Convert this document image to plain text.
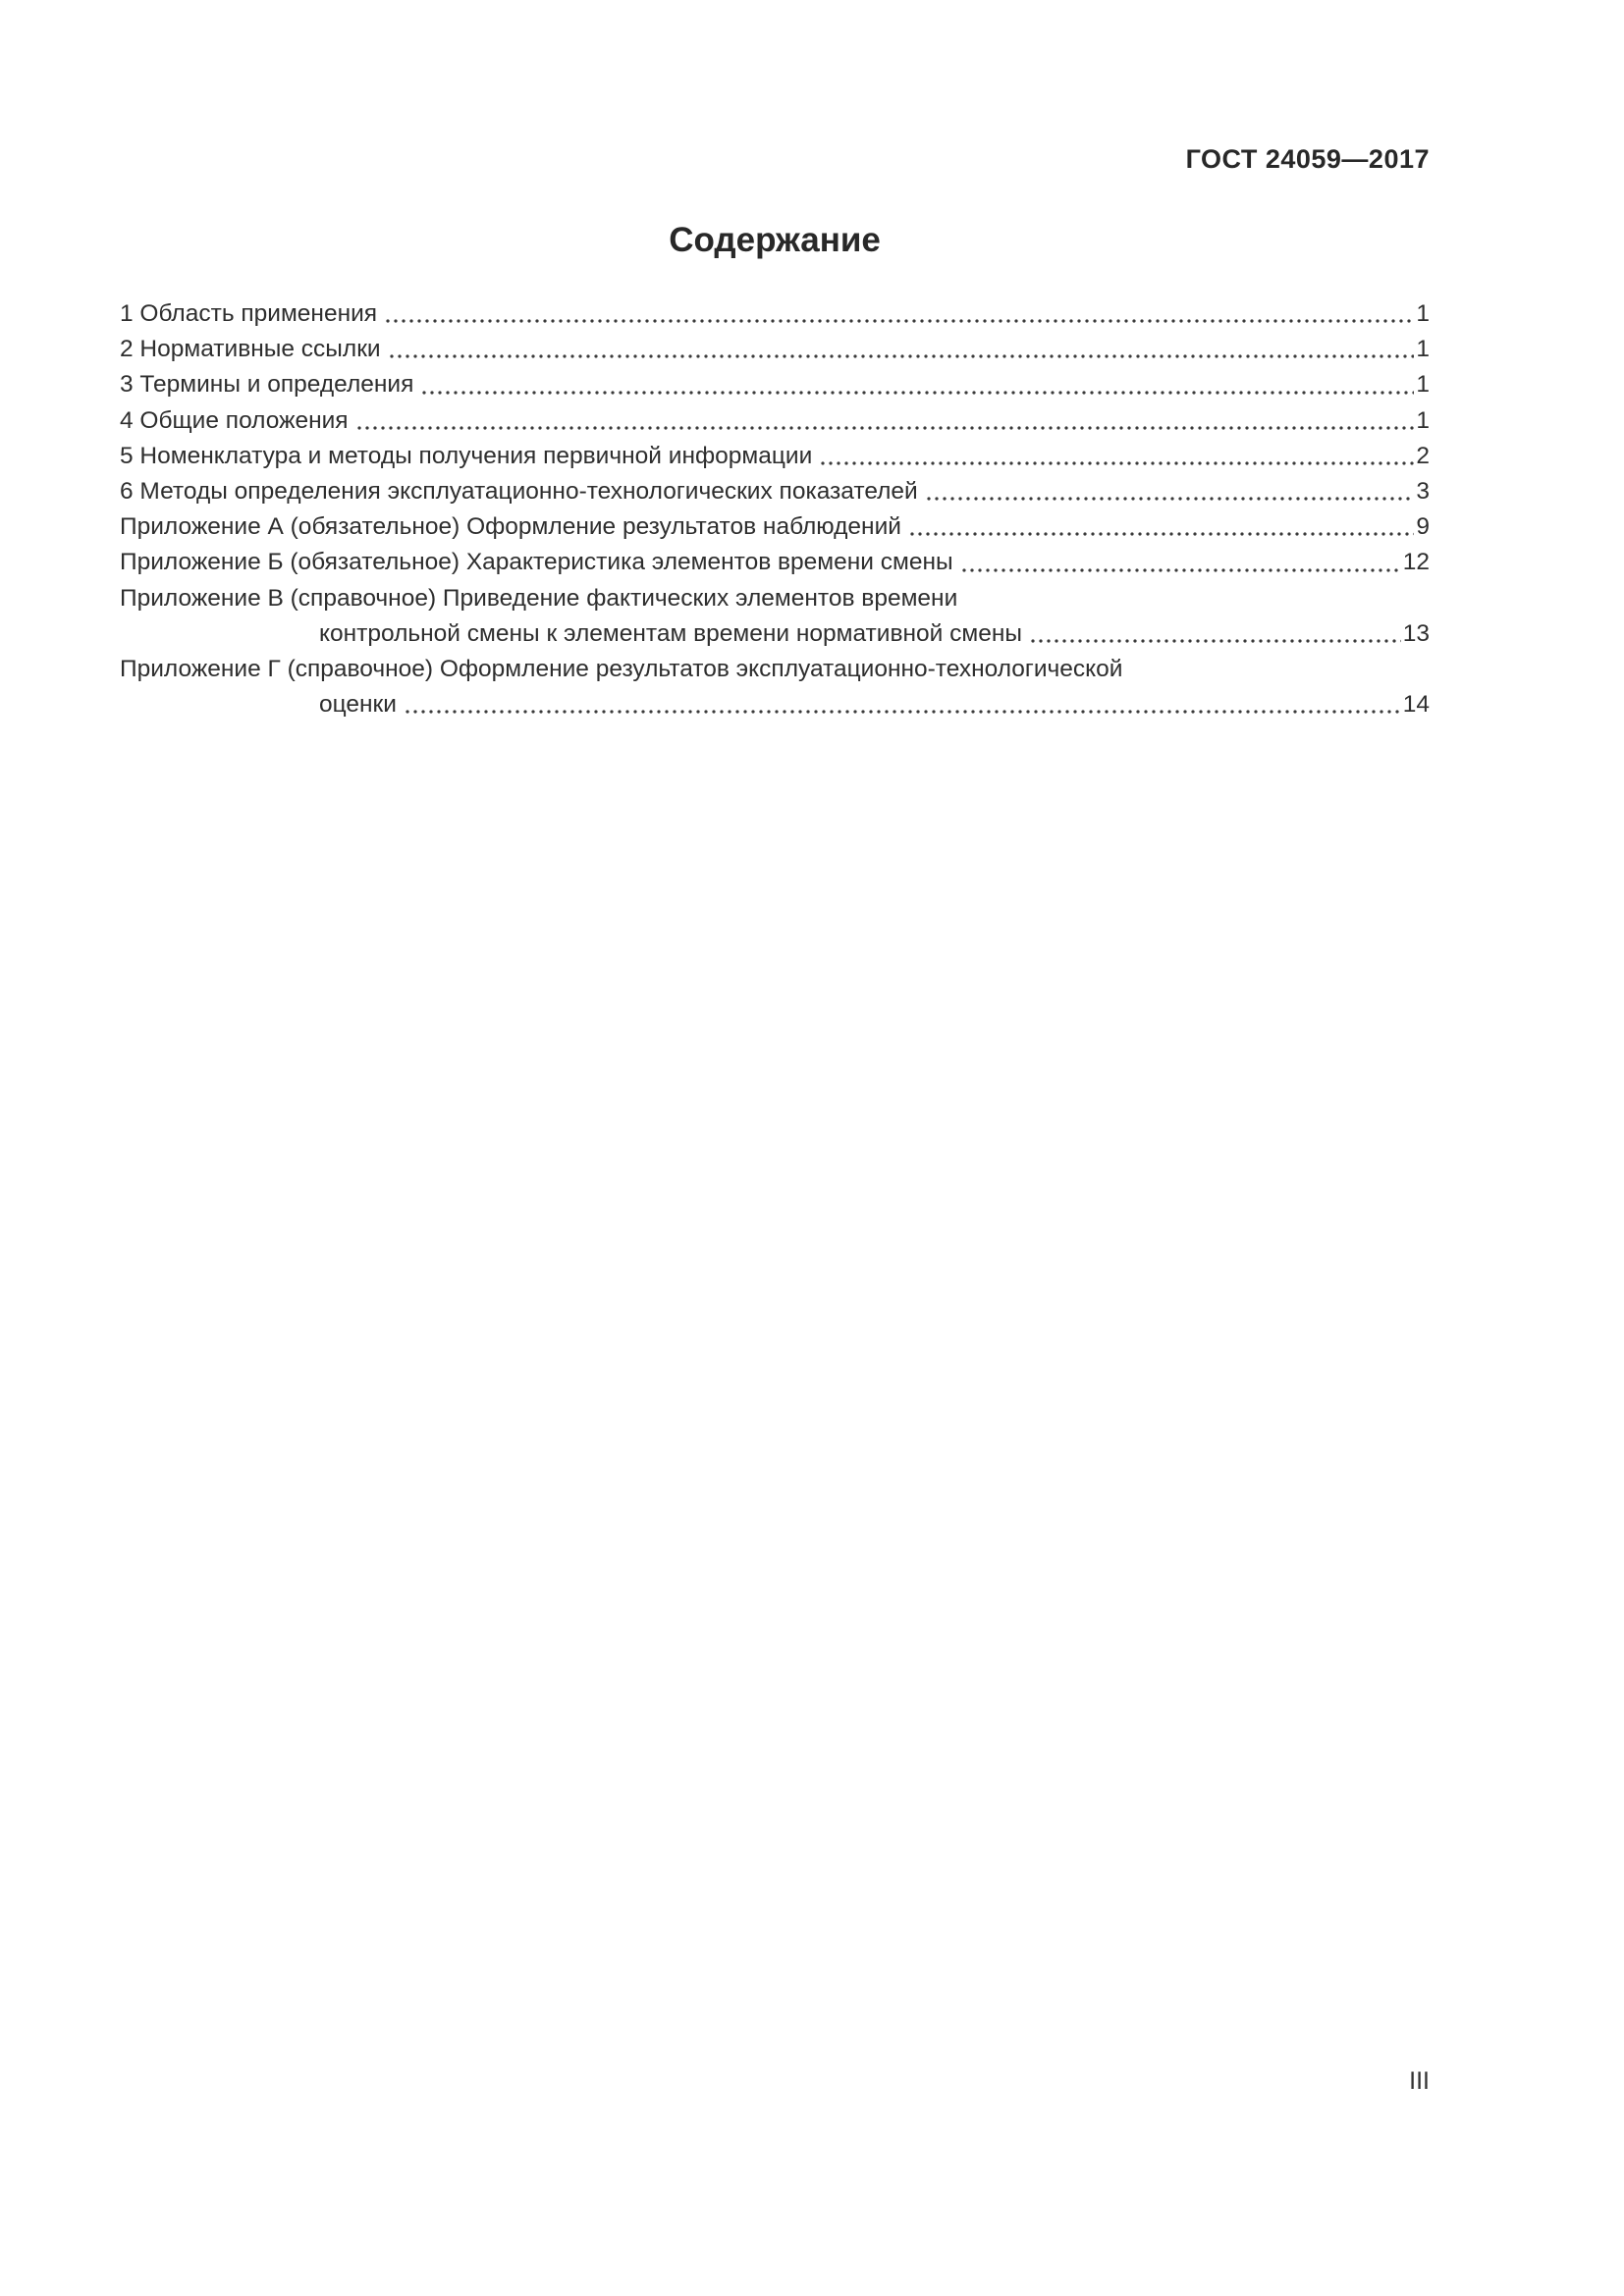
ГОСТ 24059—2017
Содержание
1 Область применения	1
2 Нормативные ссылки	1
3 Термины и определения	1
4 Общие положения	1
5 Номенклатура и методы получения первичной информации	2
6 Методы определения эксплуатационно-технологических показателей	3
Приложение А (обязательное) Оформление результатов наблюдений	9
Приложение Б (обязательное) Характеристика элементов времени смены	12
Приложение В (справочное) Приведение фактических элементов времени
контрольной смены к элементам времени нормативной смены	13
Приложение Г (справочное) Оформление результатов эксплуатационно-технологической
оценки	14
III
